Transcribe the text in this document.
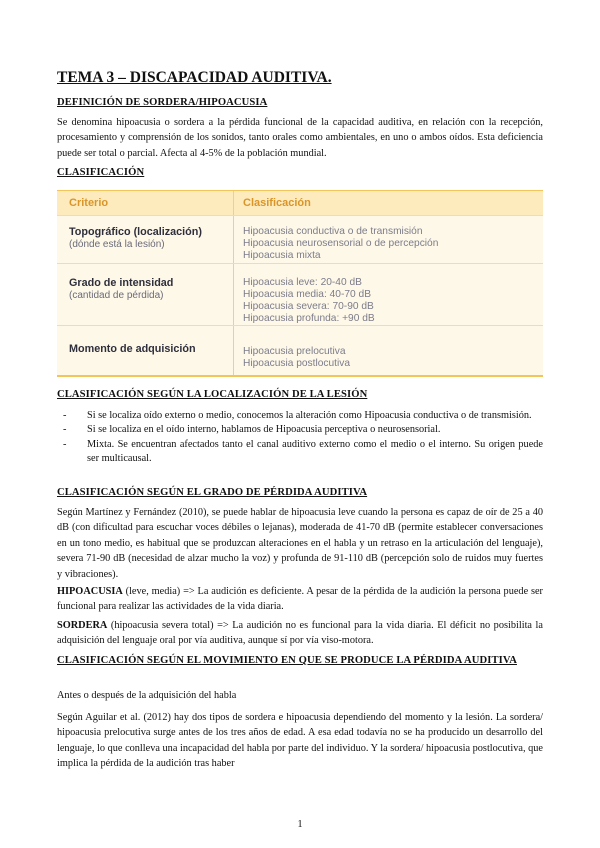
TEMA 3 – DISCAPACIDAD AUDITIVA.
DEFINICIÓN DE SORDERA/HIPOACUSIA

Se denomina hipoacusia o sordera a la pérdida funcional de la capacidad auditiva, en relación con la recepción, procesamiento y comprensión de los sonidos, tanto orales como ambientales, en uno o ambos oídos. Esta deficiencia puede ser total o parcial. Afecta al 4-5% de la población mundial.

CLASIFICACIÓN
Criterio	Clasificación
Topográfico (localización)
(dónde está la lesión)
Hipoacusia conductiva o de transmisión
Hipoacusia neurosensorial o de percepción
Hipoacusia mixta
Grado de intensidad
(cantidad de pérdida)
Hipoacusia leve: 20-40 dB
Hipoacusia media: 40-70 dB
Hipoacusia severa: 70-90 dB
Hipoacusia profunda: +90 dB
Momento de adquisición	Hipoacusia prelocutiva
Hipoacusia postlocutiva
CLASIFICACIÓN SEGÚN LA LOCALIZACIÓN DE LA LESIÓN
- Si se localiza oído externo o medio, conocemos la alteración como Hipoacusia conductiva o de transmisión.
- Si se localiza en el oído interno, hablamos de Hipoacusia perceptiva o neurosensorial.
- Mixta. Se encuentran afectados tanto el canal auditivo externo como el medio o el interno. Su origen puede ser multicausal.
CLASIFICACIÓN SEGÚN EL GRADO DE PÉRDIDA AUDITIVA

Según Martínez y Fernández (2010), se puede hablar de hipoacusia leve cuando la persona es capaz de oír de 25 a 40 dB (con dificultad para escuchar voces débiles o lejanas), moderada de 41-70 dB (permite establecer conversaciones en un tono medio, es habitual que se produzcan alteraciones en el habla y un retraso en la articulación del lenguaje), severa 71-90 dB (necesidad de alzar mucho la voz) y profunda de 91-110 dB (percepción solo de ruidos muy fuertes y vibraciones).

HIPOACUSIA (leve, media) => La audición es deficiente. A pesar de la pérdida de la audición la persona puede ser funcional para realizar las actividades de la vida diaria.

SORDERA (hipoacusia severa total) => La audición no es funcional para la vida diaria. El déficit no posibilita la adquisición del lenguaje oral por vía auditiva, aunque sí por vía viso-motora.

CLASIFICACIÓN SEGÚN EL MOVIMIENTO EN QUE SE PRODUCE LA PÉRDIDA AUDITIVA

Antes o después de la adquisición del habla

Según Aguilar et al. (2012) hay dos tipos de sordera e hipoacusia dependiendo del momento y la lesión. La sordera/ hipoacusia prelocutiva surge antes de los tres años de edad. A esa edad todavía no se ha producido un desarrollo del lenguaje, lo que conlleva una incapacidad del habla por parte del individuo. Y la sordera/ hipoacusia postlocutiva, que implica la pérdida de la audición tras haber

1
